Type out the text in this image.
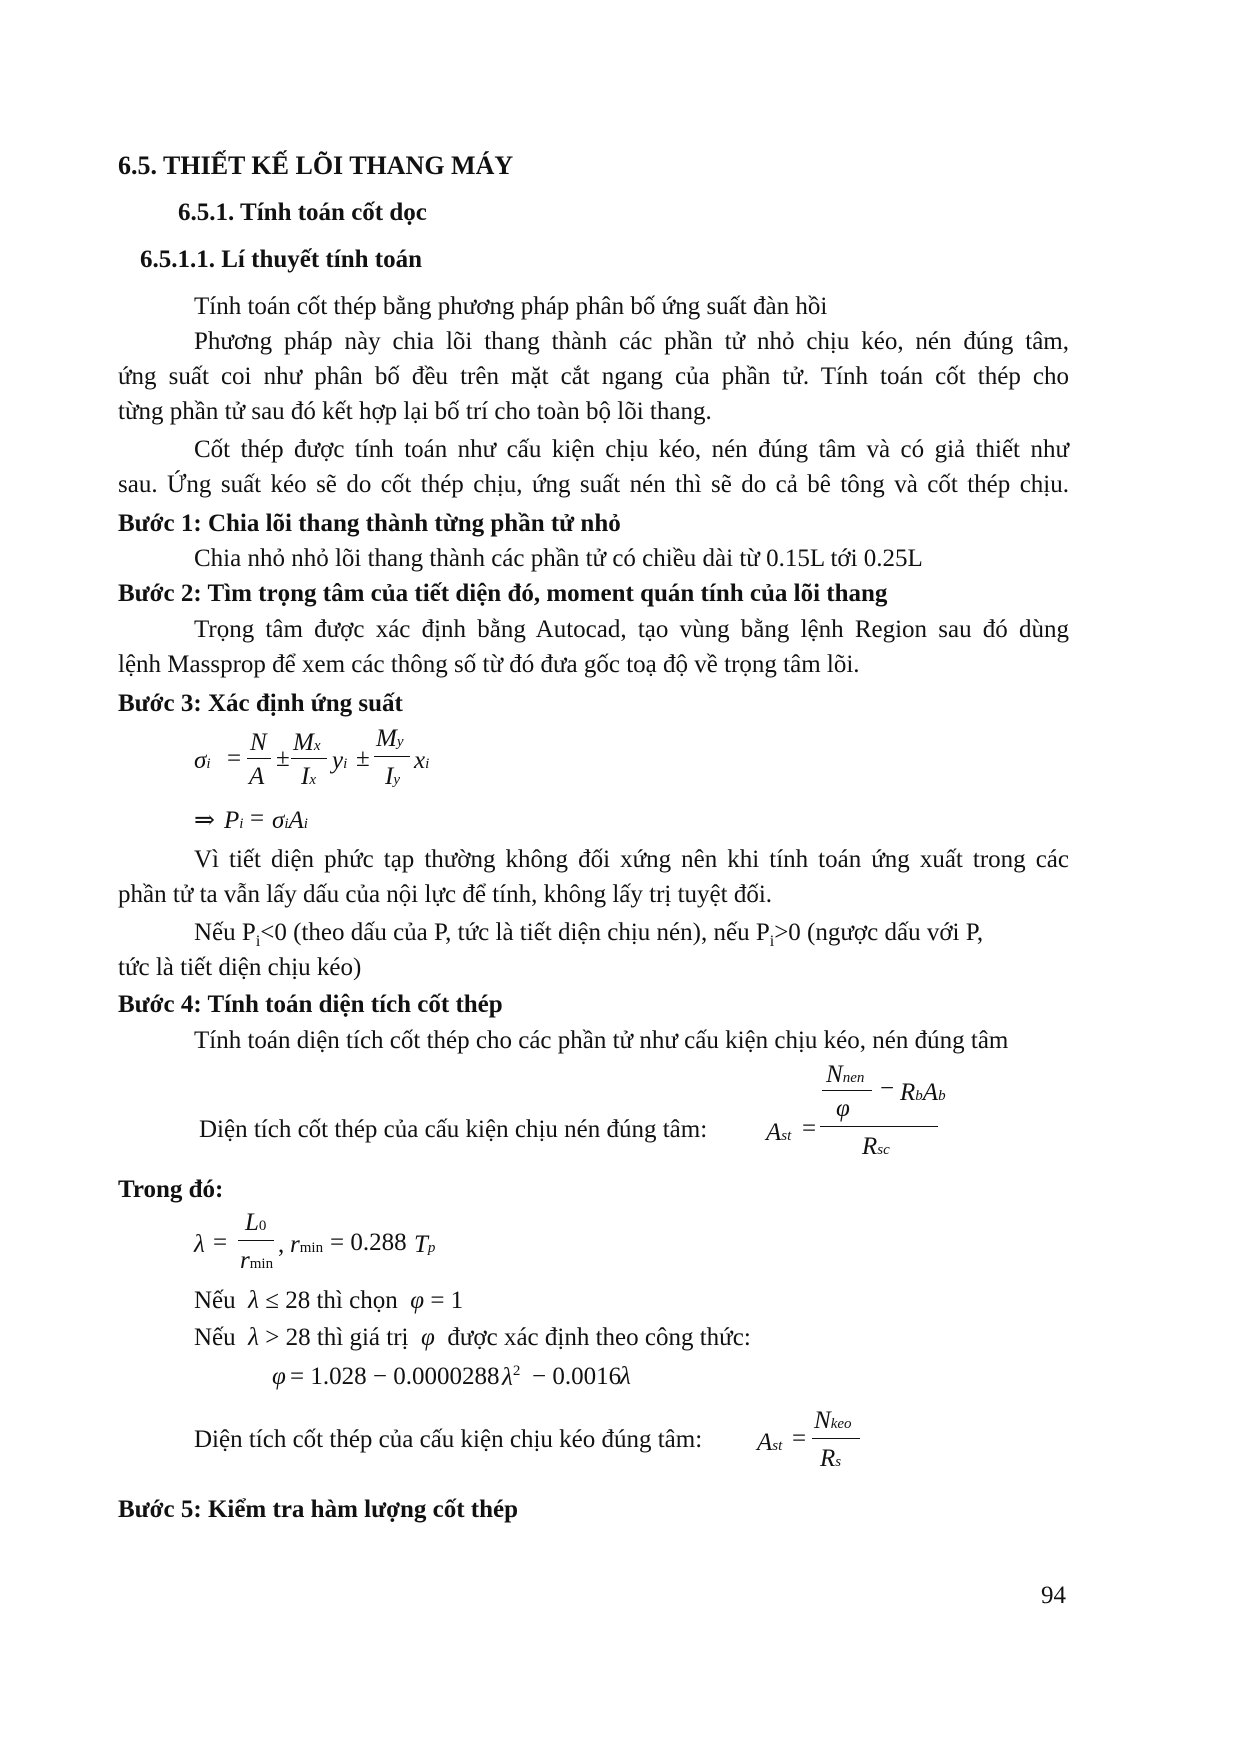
6.5. THIẾT KẾ LÕI THANG MÁY
6.5.1. Tính toán cốt dọc
6.5.1.1. Lí thuyết tính toán
Tính toán cốt thép bằng phương pháp phân bố ứng suất đàn hồi
Phương pháp này chia lõi thang thành các phần tử nhỏ chịu kéo, nén đúng tâm,
ứng suất coi như phân bố đều trên mặt cắt ngang của phần tử. Tính toán cốt thép cho
từng phần tử sau đó kết hợp lại bố trí cho toàn bộ lõi thang.
Cốt thép được tính toán như cấu kiện chịu kéo, nén đúng tâm và có giả thiết như
sau. Ứng suất kéo sẽ do cốt thép chịu, ứng suất nén thì sẽ do cả bê tông và cốt thép chịu.
Bước 1: Chia lõi thang thành từng phần tử nhỏ
Chia nhỏ nhỏ lõi thang thành các phần tử có chiều dài từ 0.15L tới 0.25L
Bước 2: Tìm trọng tâm của tiết diện đó, moment quán tính của lõi thang
Trọng tâm được xác định bằng Autocad, tạo vùng bằng lệnh Region sau đó dùng
lệnh Massprop để xem các thông số từ đó đưa gốc toạ độ về trọng tâm lõi.
Bước 3: Xác định ứng suất
σi =
N
A
±
Mx
Ix
yi ±
My
Iy
xi
⇒ Pi = σiAi
Vì tiết diện phức tạp thường không đối xứng nên khi tính toán ứng xuất trong các
phần tử ta vẫn lấy dấu của nội lực để tính, không lấy trị tuyệt đối.
Nếu $P_i<0$ (theo dấu của P, tức là tiết diện chịu nén), nếu $P_i>0$ (ngược dấu với P,
tức là tiết diện chịu kéo)
Bước 4: Tính toán diện tích cốt thép
Tính toán diện tích cốt thép cho các phần tử như cấu kiện chịu kéo, nén đúng tâm
Diện tích cốt thép của cấu kiện chịu nén đúng tâm: Ast =
Nnen
φ
− RbAb
Rsc
Trong đó:
λ =
L0
rmin
, rmin = 0.288 Tp
Nếu  λ ≤ 28 thì chọn  φ = 1
Nếu  λ > 28 thì giá trị  φ  được xác định theo công thức:
φ = 1.028 − 0.0000288 $\lambda^2 - 0.0016$
λ
Diện tích cốt thép của cấu kiện chịu kéo đúng tâm: Ast =
Nkeo
Rs
Bước 5: Kiểm tra hàm lượng cốt thép
94
